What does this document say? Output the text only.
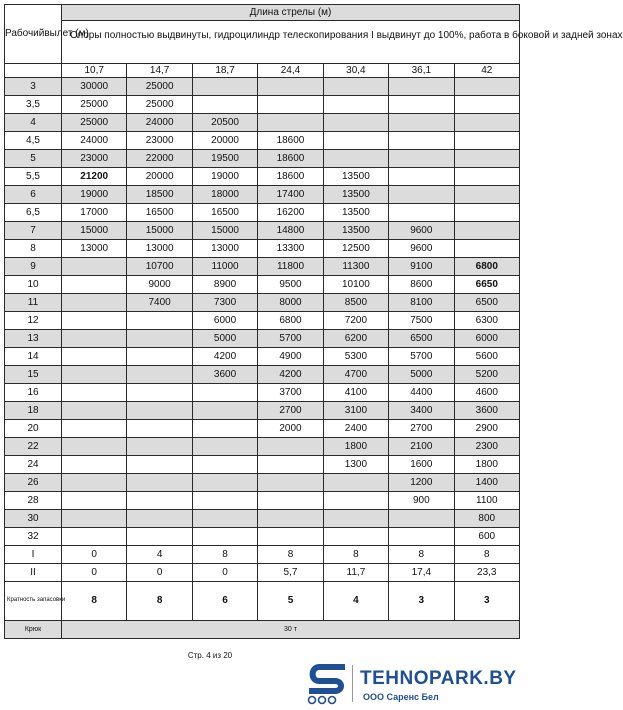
Рабочийвылет (м)	Длина стрелы (м)						
	Опоры полностью выдвинуты, гидроцилиндр телескопирования I выдвинут до 100%, работа в боковой и задней зонах						
	10,7	14,7	18,7	24,4	30,4	36,1	42
3	30000	25000					
3,5	25000	25000					
4	25000	24000	20500				
4,5	24000	23000	20000	18600			
5	23000	22000	19500	18600			
5,5	21200	20000	19000	18600	13500		
6	19000	18500	18000	17400	13500		
6,5	17000	16500	16500	16200	13500		
7	15000	15000	15000	14800	13500	9600	
8	13000	13000	13000	13300	12500	9600	
9		10700	11000	11800	11300	9100	6800
10		9000	8900	9500	10100	8600	6650
11		7400	7300	8000	8500	8100	6500
12			6000	6800	7200	7500	6300
13			5000	5700	6200	6500	6000
14			4200	4900	5300	5700	5600
15			3600	4200	4700	5000	5200
16				3700	4100	4400	4600
18				2700	3100	3400	3600
20				2000	2400	2700	2900
22					1800	2100	2300
24					1300	1600	1800
26						1200	1400
28						900	1100
30							800
32							600
I	0	4	8	8	8	8	8
II	0	0	0	5,7	11,7	17,4	23,3
Кратность запасовки	8	8	6	5	4	3	3
Крюк	30 т						
Стр. 4 из 20
TEHNOPARK.BY
ООО Саренс Бел
